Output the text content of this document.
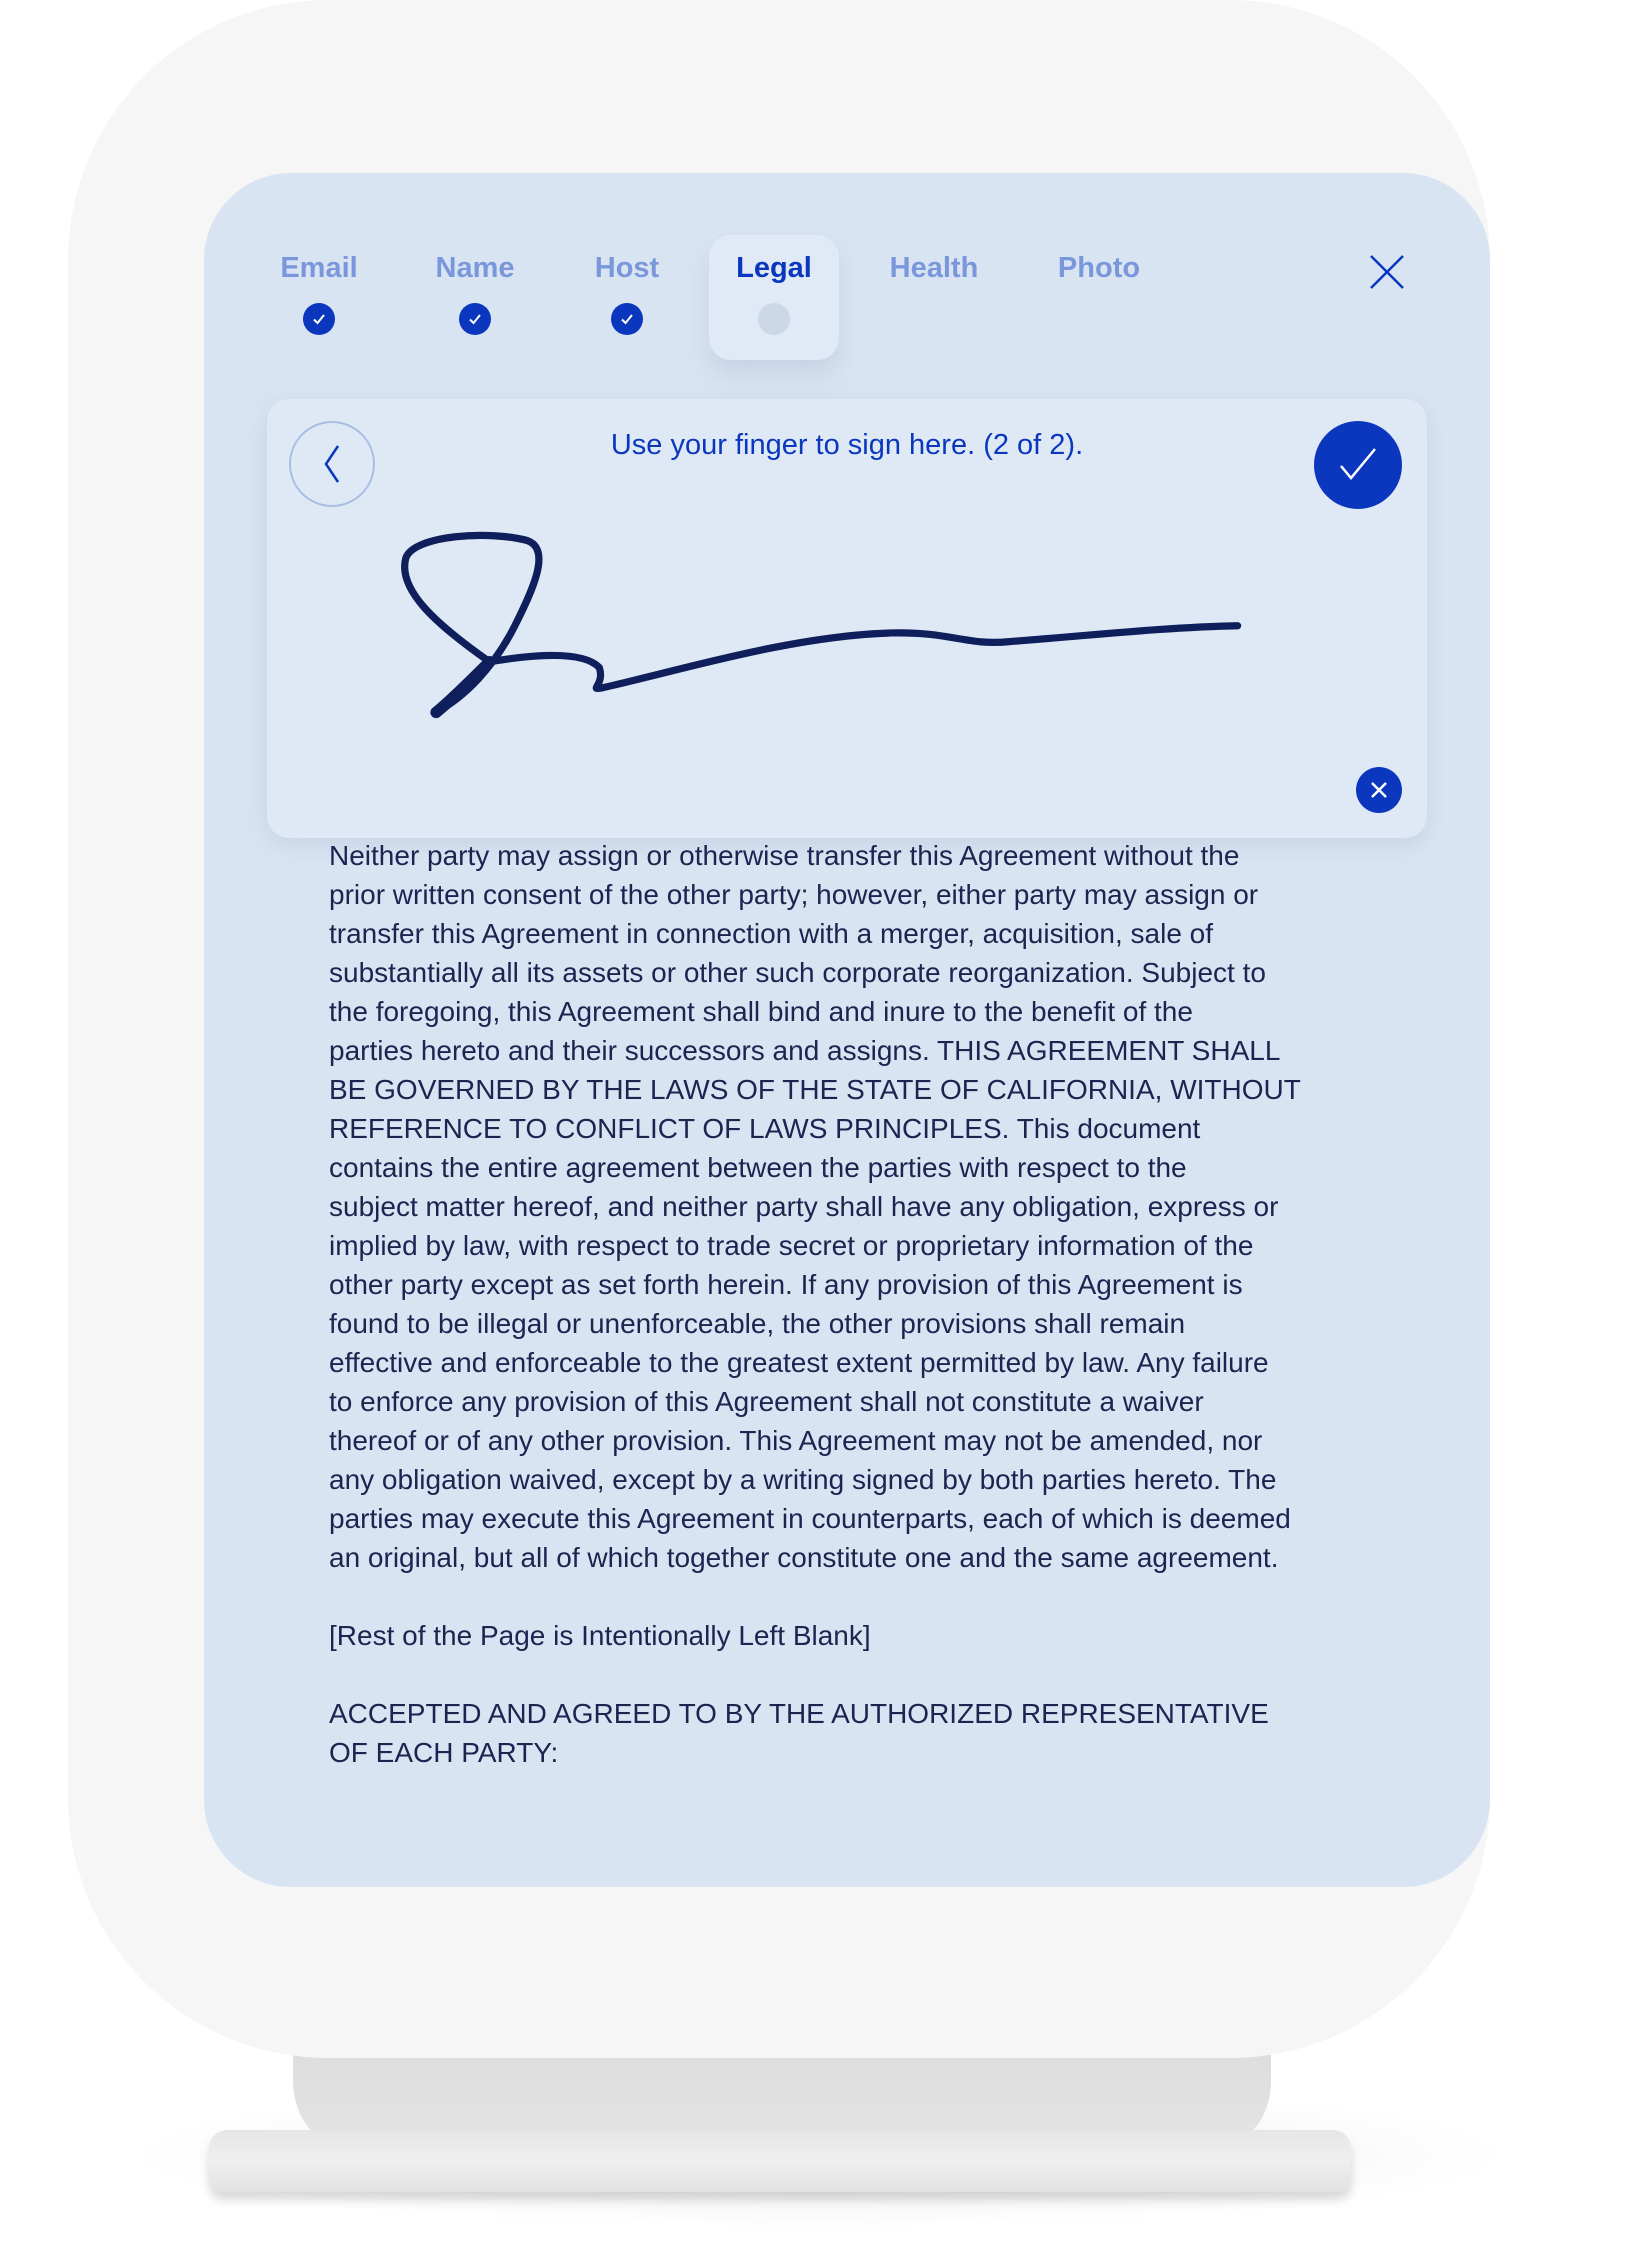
Email	Name	Host	Legal	Health	Photo
Use your finger to sign here. (2 of 2).
Neither party may assign or otherwise transfer this Agreement without the
prior written consent of the other party; however, either party may assign or
transfer this Agreement in connection with a merger, acquisition, sale of
substantially all its assets or other such corporate reorganization. Subject to
the foregoing, this Agreement shall bind and inure to the benefit of the
parties hereto and their successors and assigns. THIS AGREEMENT SHALL
BE GOVERNED BY THE LAWS OF THE STATE OF CALIFORNIA, WITHOUT
REFERENCE TO CONFLICT OF LAWS PRINCIPLES. This document
contains the entire agreement between the parties with respect to the
subject matter hereof, and neither party shall have any obligation, express or
implied by law, with respect to trade secret or proprietary information of the
other party except as set forth herein. If any provision of this Agreement is
found to be illegal or unenforceable, the other provisions shall remain
effective and enforceable to the greatest extent permitted by law. Any failure
to enforce any provision of this Agreement shall not constitute a waiver
thereof or of any other provision. This Agreement may not be amended, nor
any obligation waived, except by a writing signed by both parties hereto. The
parties may execute this Agreement in counterparts, each of which is deemed
an original, but all of which together constitute one and the same agreement.
[Rest of the Page is Intentionally Left Blank]
ACCEPTED AND AGREED TO BY THE AUTHORIZED REPRESENTATIVE
OF EACH PARTY:
